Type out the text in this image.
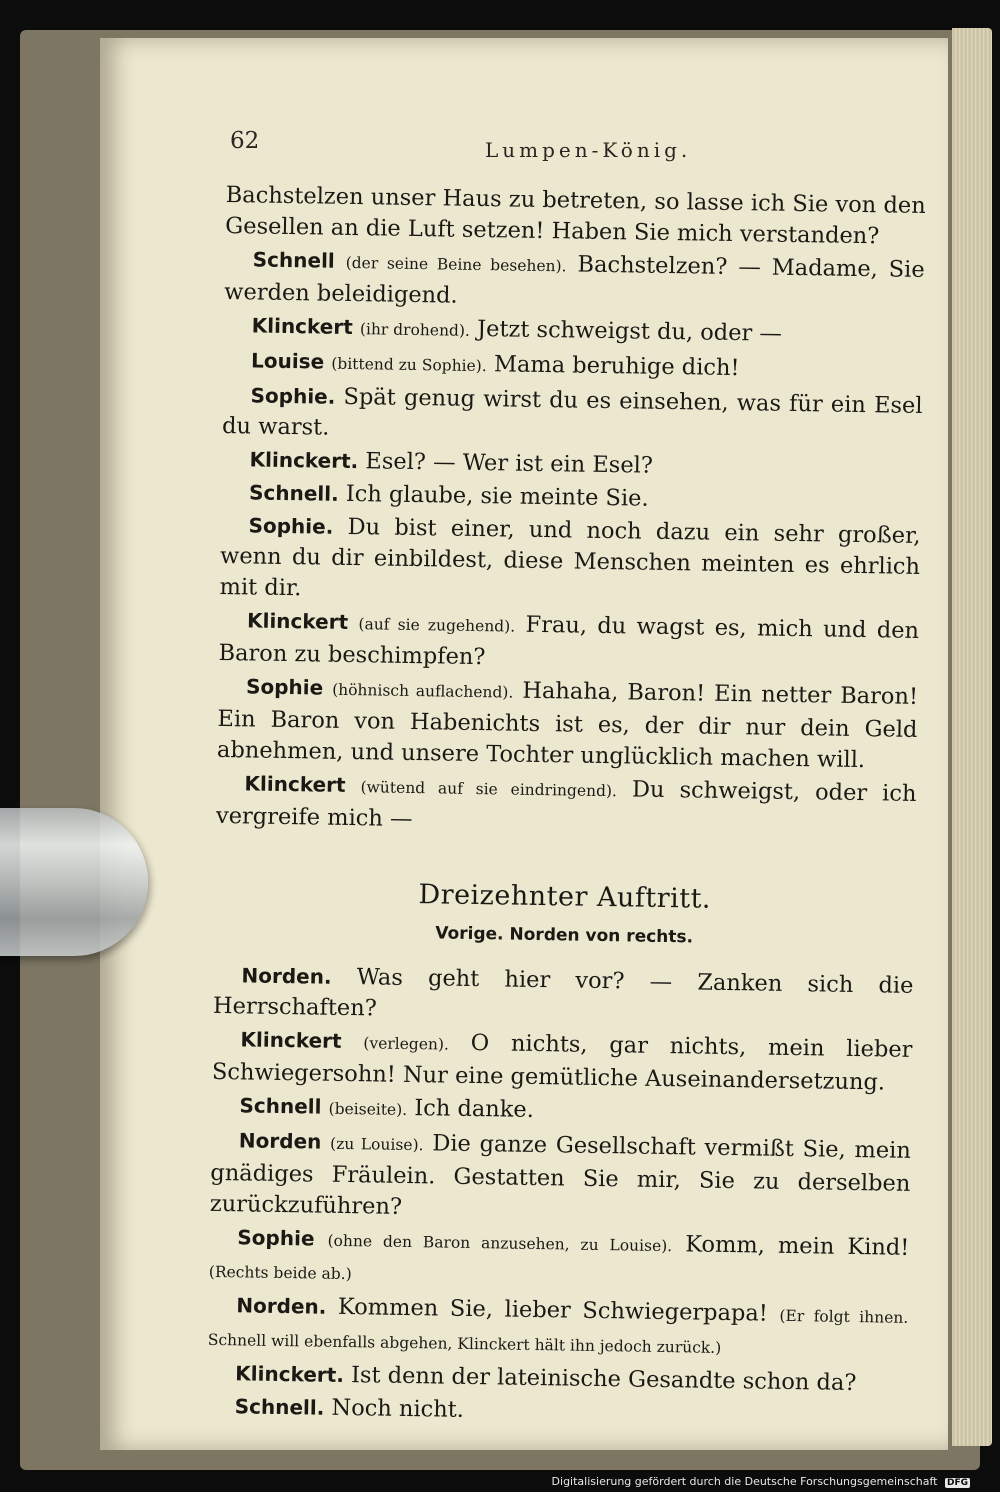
62	Lumpen-König.

Bachstelzen unser Haus zu betreten, so lasse ich Sie von den Gesellen an die Luft setzen! Haben Sie mich verstanden?

Schnell (der seine Beine besehen). Bachstelzen? — Madame, Sie werden beleidigend.

Klinckert (ihr drohend). Jetzt schweigst du, oder —

Louise (bittend zu Sophie). Mama beruhige dich!

Sophie. Spät genug wirst du es einsehen, was für ein Esel du warst.

Klinckert. Esel? — Wer ist ein Esel?

Schnell. Ich glaube, sie meinte Sie.

Sophie. Du bist einer, und noch dazu ein sehr großer, wenn du dir einbildest, diese Menschen meinten es ehrlich mit dir.

Klinckert (auf sie zugehend). Frau, du wagst es, mich und den Baron zu beschimpfen?

Sophie (höhnisch auflachend). Hahaha, Baron! Ein netter Baron! Ein Baron von Habenichts ist es, der dir nur dein Geld abnehmen, und unsere Tochter unglücklich machen will.

Klinckert (wütend auf sie eindringend). Du schweigst, oder ich vergreife mich —

Dreizehnter Auftritt.
Vorige. Norden von rechts.

Norden. Was geht hier vor? — Zanken sich die Herrschaften?

Klinckert (verlegen). O nichts, gar nichts, mein lieber Schwiegersohn! Nur eine gemütliche Auseinandersetzung.

Schnell (beiseite). Ich danke.

Norden (zu Louise). Die ganze Gesellschaft vermißt Sie, mein gnädiges Fräulein. Gestatten Sie mir, Sie zu derselben zurückzuführen?

Sophie (ohne den Baron anzusehen, zu Louise). Komm, mein Kind! (Rechts beide ab.)

Norden. Kommen Sie, lieber Schwiegerpapa! (Er folgt ihnen. Schnell will ebenfalls abgehen, Klinckert hält ihn jedoch zurück.)

Klinckert. Ist denn der lateinische Gesandte schon da?

Schnell. Noch nicht.

Digitalisierung gefördert durch die Deutsche Forschungsgemeinschaft DFG
